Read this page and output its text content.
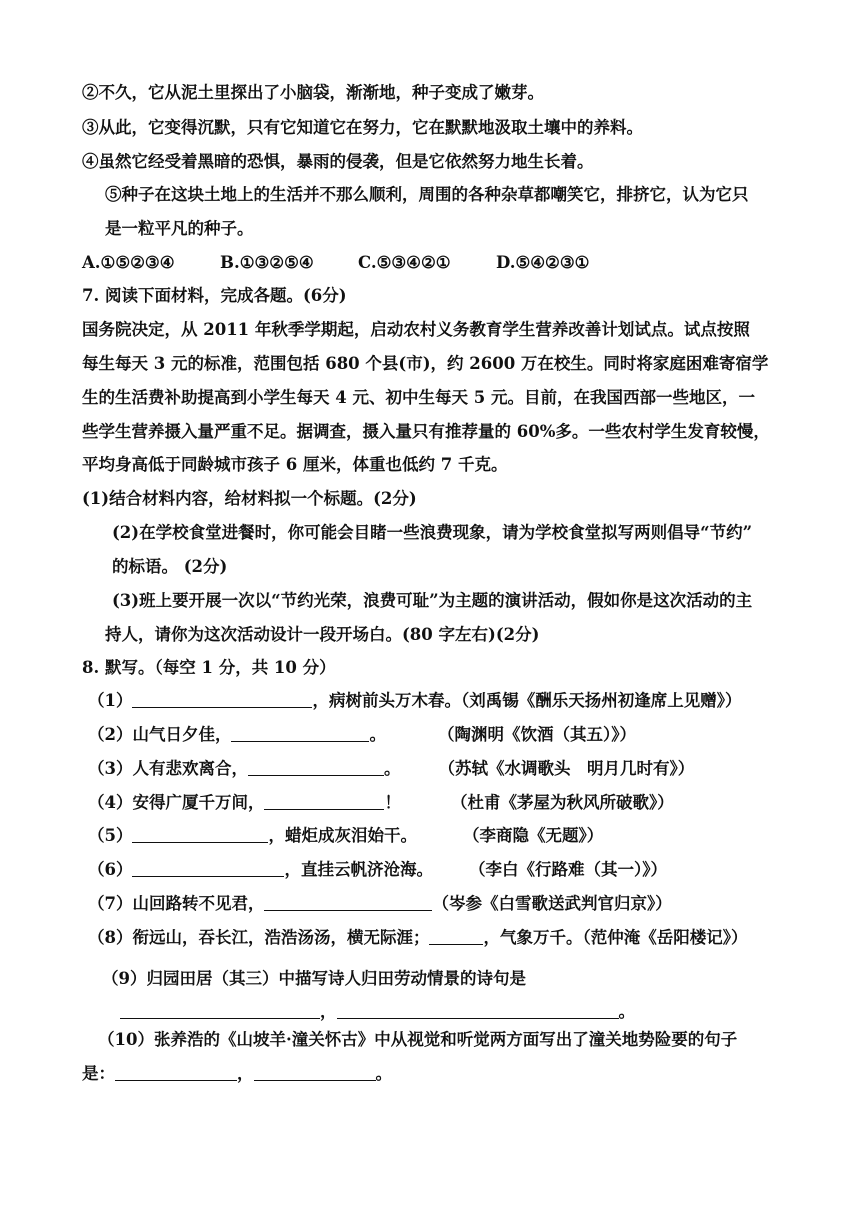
②不久，它从泥土里探出了小脑袋，渐渐地，种子变成了嫩芽。
③从此，它变得沉默，只有它知道它在努力，它在默默地汲取土壤中的养料。
④虽然它经受着黑暗的恐惧，暴雨的侵袭，但是它依然努力地生长着。
⑤种子在这块土地上的生活并不那么顺利，周围的各种杂草都嘲笑它，排挤它，认为它只
是一粒平凡的种子。
A.①⑤②③④	B.①③②⑤④	C.⑤③④②①	D.⑤④②③①
7. 阅读下面材料，完成各题。(6分)
国务院决定，从 2011 年秋季学期起，启动农村义务教育学生营养改善计划试点。试点按照
每生每天 3 元的标准，范围包括 680 个县(市)，约 2600 万在校生。同时将家庭困难寄宿学
生的生活费补助提高到小学生每天 4 元、初中生每天 5 元。目前，在我国西部一些地区，一
些学生营养摄入量严重不足。据调查，摄入量只有推荐量的 60%多。一些农村学生发育较慢，
平均身高低于同龄城市孩子 6 厘米，体重也低约 7 千克。
(1)结合材料内容，给材料拟一个标题。(2分)
(2)在学校食堂进餐时，你可能会目睹一些浪费现象，请为学校食堂拟写两则倡导“节约”
的标语。 (2分)
(3)班上要开展一次以“节约光荣，浪费可耻”为主题的演讲活动，假如你是这次活动的主
持人，请你为这次活动设计一段开场白。(80 字左右)(2分)
8. 默写。（每空 1 分，共 10 分）
（1）	，病树前头万木春。（刘禹锡《酬乐天扬州初逢席上见赠》）
（2）山气日夕佳，	。	（陶渊明《饮酒（其五）》）
（3）人有悲欢离合，	。 （苏轼《水调歌头　明月几时有》）
（4）安得广厦千万间，	！	（杜甫《茅屋为秋风所破歌》）
（5）	，蜡炬成灰泪始干。	（李商隐《无题》）
（6）	，直挂云帆济沧海。 （李白《行路难（其一）》）
（7）山回路转不见君，	（岑参《白雪歌送武判官归京》）
（8）衔远山，吞长江，浩浩汤汤，横无际涯；	，气象万千。（范仲淹《岳阳楼记》）
（9）归园田居（其三）中描写诗人归田劳动情景的诗句是
，	。
（10）张养浩的《山坡羊·潼关怀古》中从视觉和听觉两方面写出了潼关地势险要的句子
是：	，	。
